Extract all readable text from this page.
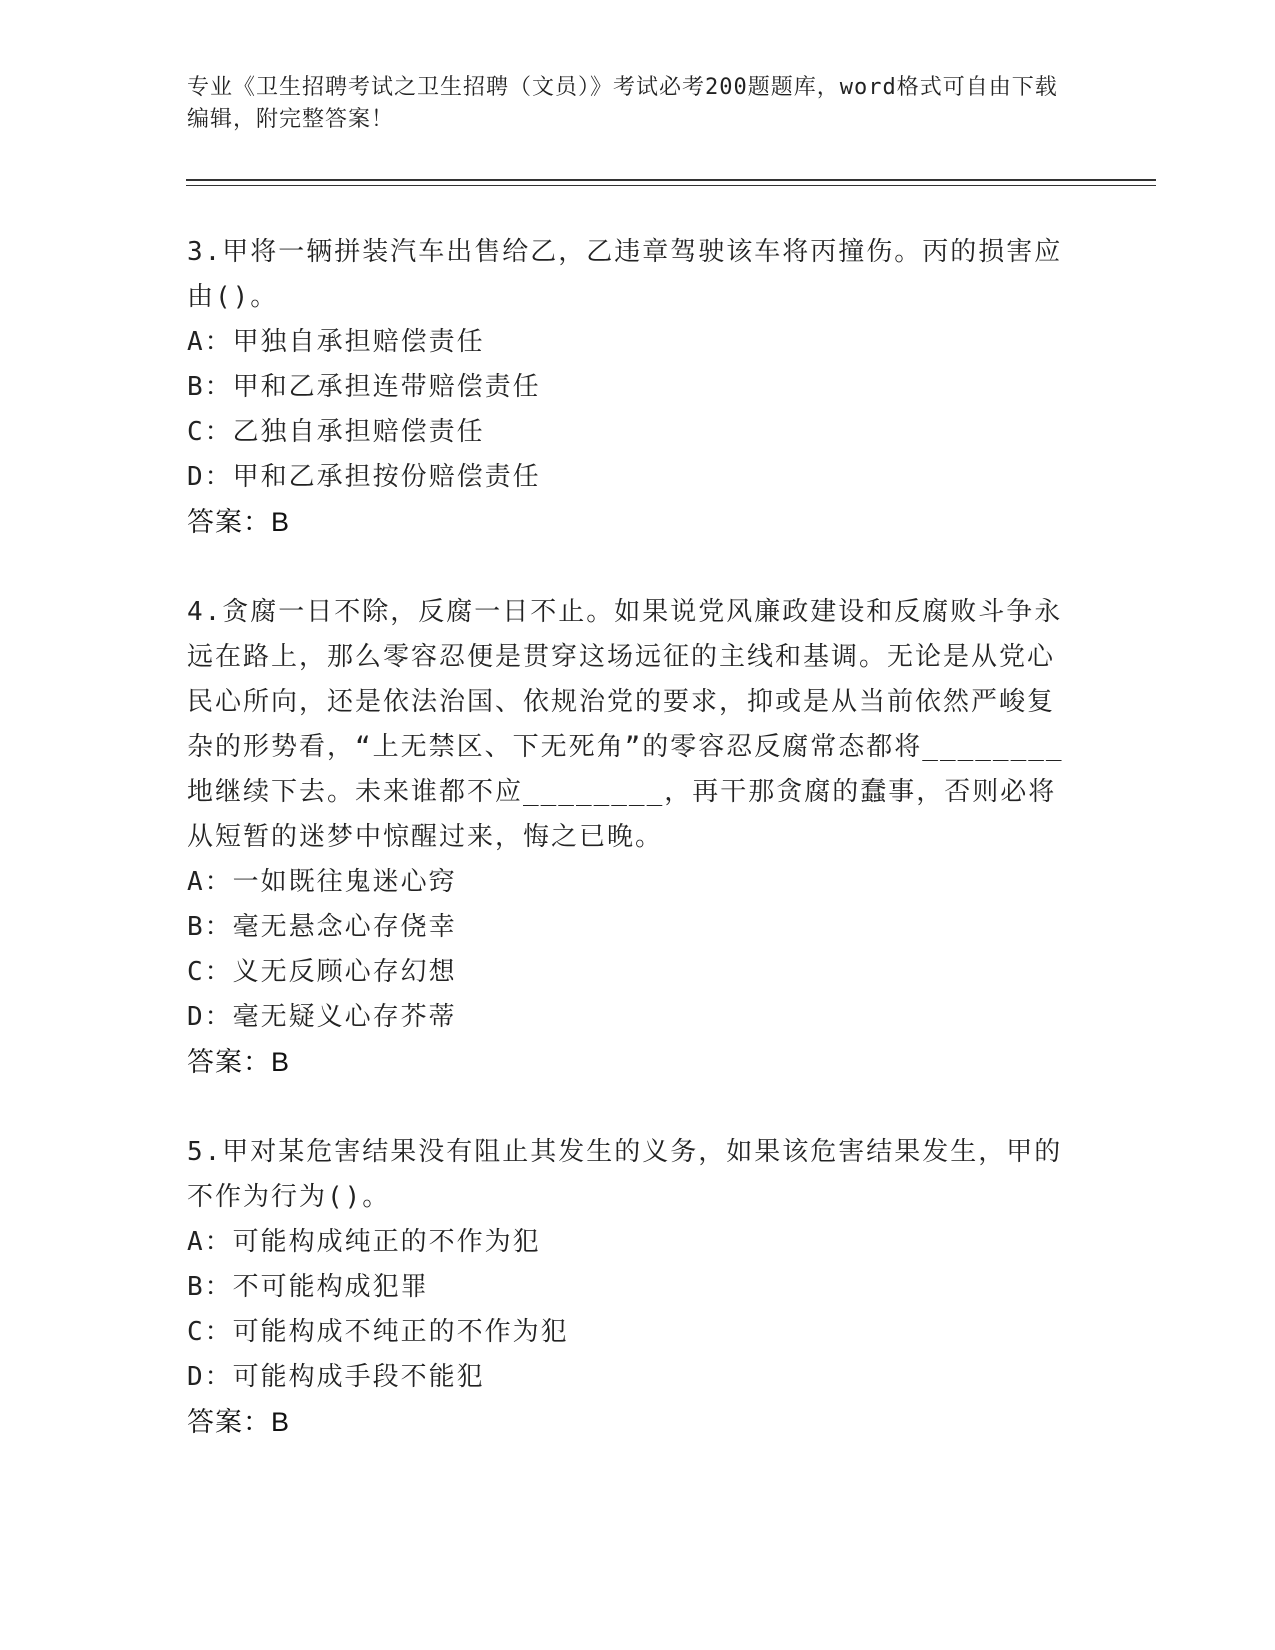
专业《卫生招聘考试之卫生招聘（文员）》考试必考200题题库，word格式可自由下载编辑，附完整答案！
3.甲将一辆拼装汽车出售给乙，乙违章驾驶该车将丙撞伤。丙的损害应由()。
A：甲独自承担赔偿责任
B：甲和乙承担连带赔偿责任
C：乙独自承担赔偿责任
D：甲和乙承担按份赔偿责任
答案：B
4.贪腐一日不除，反腐一日不止。如果说党风廉政建设和反腐败斗争永远在路上，那么零容忍便是贯穿这场远征的主线和基调。无论是从党心民心所向，还是依法治国、依规治党的要求，抑或是从当前依然严峻复杂的形势看，“上无禁区、下无死角”的零容忍反腐常态都将________地继续下去。未来谁都不应________，再干那贪腐的蠢事，否则必将从短暂的迷梦中惊醒过来，悔之已晚。
A：一如既往鬼迷心窍
B：毫无悬念心存侥幸
C：义无反顾心存幻想
D：毫无疑义心存芥蒂
答案：B
5.甲对某危害结果没有阻止其发生的义务，如果该危害结果发生，甲的不作为行为()。
A：可能构成纯正的不作为犯
B：不可能构成犯罪
C：可能构成不纯正的不作为犯
D：可能构成手段不能犯
答案：B
